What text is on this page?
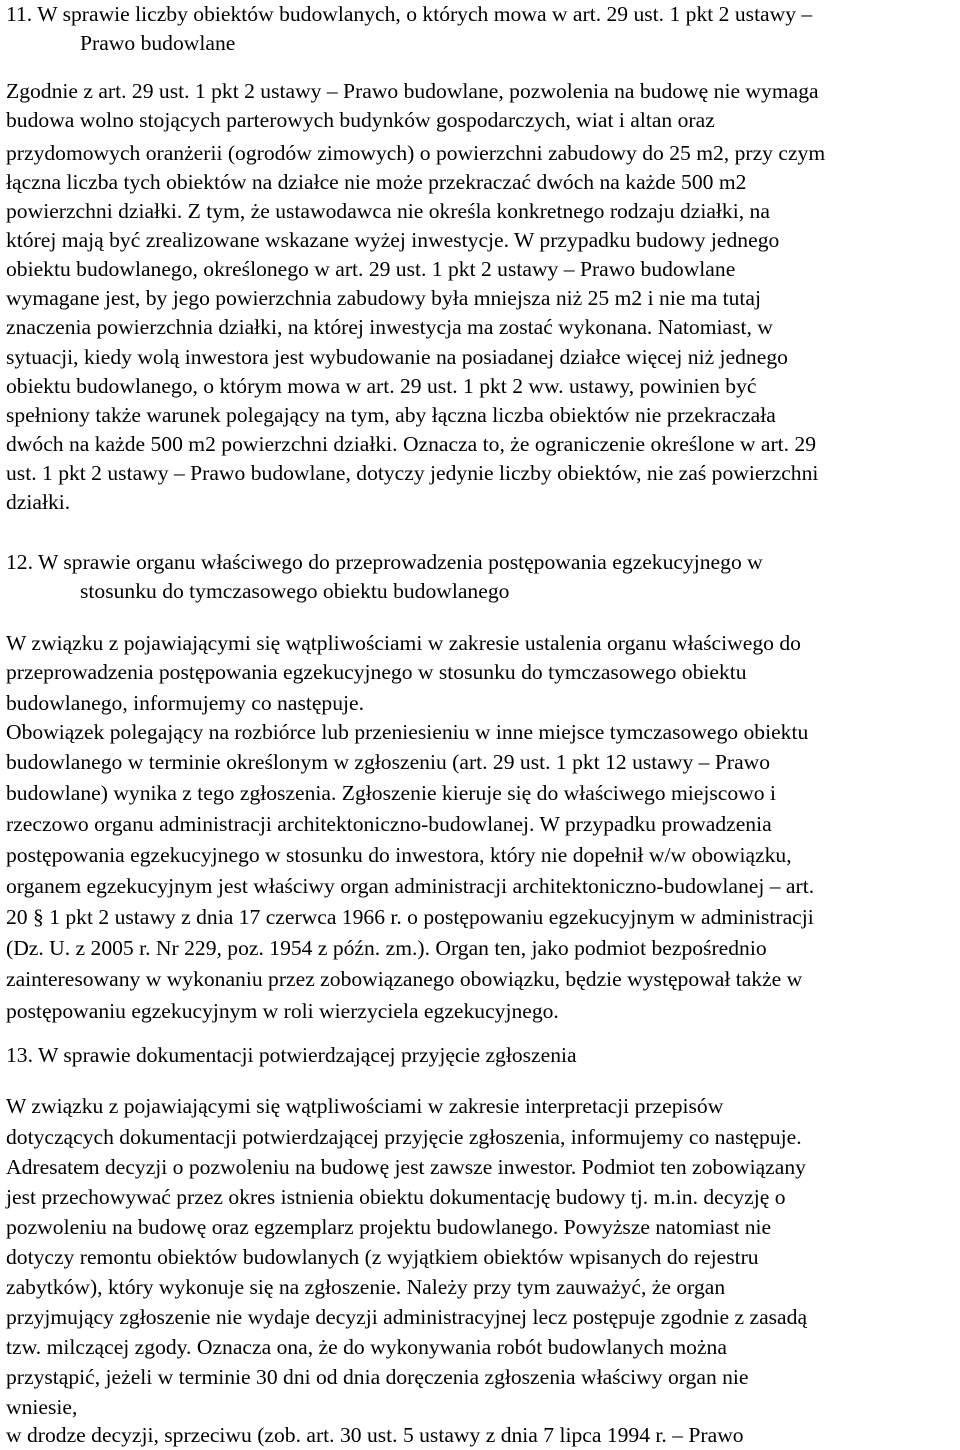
11. W sprawie liczby obiektów budowlanych, o których mowa w art. 29 ust. 1 pkt 2 ustawy –
Prawo budowlane
Zgodnie z art. 29 ust. 1 pkt 2 ustawy – Prawo budowlane, pozwolenia na budowę nie wymaga
budowa wolno stojących parterowych budynków gospodarczych, wiat i altan oraz
przydomowych oranżerii (ogrodów zimowych) o powierzchni zabudowy do 25 m2, przy czym
łączna liczba tych obiektów na działce nie może przekraczać dwóch na każde 500 m2
powierzchni działki. Z tym, że ustawodawca nie określa konkretnego rodzaju działki, na
której mają być zrealizowane wskazane wyżej inwestycje. W przypadku budowy jednego
obiektu budowlanego, określonego w art. 29 ust. 1 pkt 2 ustawy – Prawo budowlane
wymagane jest, by jego powierzchnia zabudowy była mniejsza niż 25 m2 i nie ma tutaj
znaczenia powierzchnia działki, na której inwestycja ma zostać wykonana. Natomiast, w
sytuacji, kiedy wolą inwestora jest wybudowanie na posiadanej działce więcej niż jednego
obiektu budowlanego, o którym mowa w art. 29 ust. 1 pkt 2 ww. ustawy, powinien być
spełniony także warunek polegający na tym, aby łączna liczba obiektów nie przekraczała
dwóch na każde 500 m2 powierzchni działki. Oznacza to, że ograniczenie określone w art. 29
ust. 1 pkt 2 ustawy – Prawo budowlane, dotyczy jedynie liczby obiektów, nie zaś powierzchni
działki.
12. W sprawie organu właściwego do przeprowadzenia postępowania egzekucyjnego w
stosunku do tymczasowego obiektu budowlanego
W związku z pojawiającymi się wątpliwościami w zakresie ustalenia organu właściwego do
przeprowadzenia postępowania egzekucyjnego w stosunku do tymczasowego obiektu
budowlanego, informujemy co następuje.
Obowiązek polegający na rozbiórce lub przeniesieniu w inne miejsce tymczasowego obiektu
budowlanego w terminie określonym w zgłoszeniu (art. 29 ust. 1 pkt 12 ustawy – Prawo
budowlane) wynika z tego zgłoszenia. Zgłoszenie kieruje się do właściwego miejscowo i
rzeczowo organu administracji architektoniczno-budowlanej. W przypadku prowadzenia
postępowania egzekucyjnego w stosunku do inwestora, który nie dopełnił w/w obowiązku,
organem egzekucyjnym jest właściwy organ administracji architektoniczno-budowlanej – art.
20 § 1 pkt 2 ustawy z dnia 17 czerwca 1966 r. o postępowaniu egzekucyjnym w administracji
(Dz. U. z 2005 r. Nr 229, poz. 1954 z późn. zm.). Organ ten, jako podmiot bezpośrednio
zainteresowany w wykonaniu przez zobowiązanego obowiązku, będzie występował także w
postępowaniu egzekucyjnym w roli wierzyciela egzekucyjnego.
13. W sprawie dokumentacji potwierdzającej przyjęcie zgłoszenia
W związku z pojawiającymi się wątpliwościami w zakresie interpretacji przepisów
dotyczących dokumentacji potwierdzającej przyjęcie zgłoszenia, informujemy co następuje.
Adresatem decyzji o pozwoleniu na budowę jest zawsze inwestor. Podmiot ten zobowiązany
jest przechowywać przez okres istnienia obiektu dokumentację budowy tj. m.in. decyzję o
pozwoleniu na budowę oraz egzemplarz projektu budowlanego. Powyższe natomiast nie
dotyczy remontu obiektów budowlanych (z wyjątkiem obiektów wpisanych do rejestru
zabytków), który wykonuje się na zgłoszenie. Należy przy tym zauważyć, że organ
przyjmujący zgłoszenie nie wydaje decyzji administracyjnej lecz postępuje zgodnie z zasadą
tzw. milczącej zgody. Oznacza ona, że do wykonywania robót budowlanych można
przystąpić, jeżeli w terminie 30 dni od dnia doręczenia zgłoszenia właściwy organ nie
wniesie,
w drodze decyzji, sprzeciwu (zob. art. 30 ust. 5 ustawy z dnia 7 lipca 1994 r. – Prawo
